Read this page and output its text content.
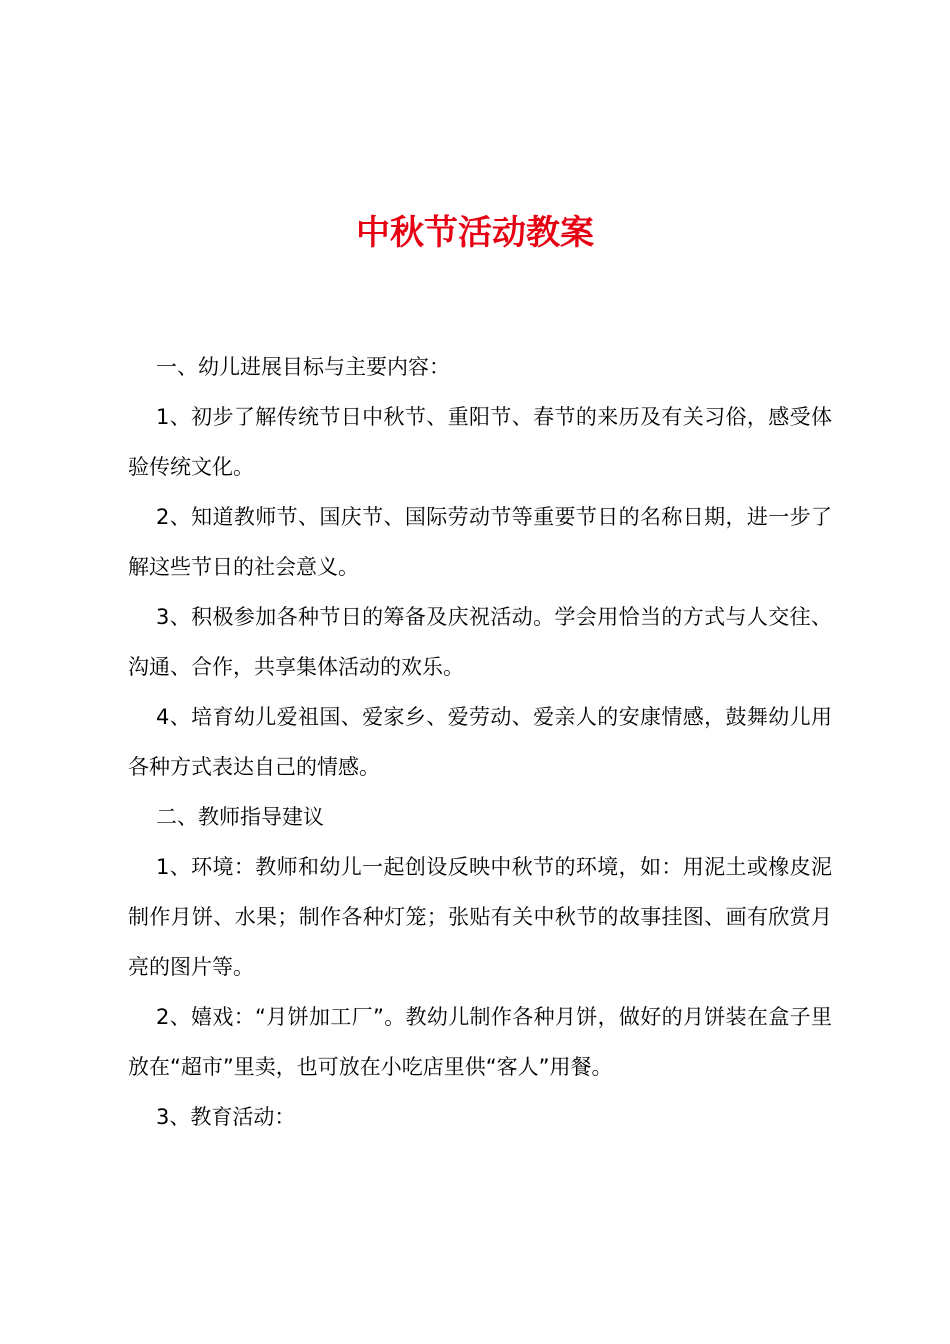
中秋节活动教案

一、幼儿进展目标与主要内容：

1、初步了解传统节日中秋节、重阳节、春节的来历及有关习俗，感受体验传统文化。

2、知道教师节、国庆节、国际劳动节等重要节日的名称日期，进一步了解这些节日的社会意义。

3、积极参加各种节日的筹备及庆祝活动。学会用恰当的方式与人交往、沟通、合作，共享集体活动的欢乐。

4、培育幼儿爱祖国、爱家乡、爱劳动、爱亲人的安康情感，鼓舞幼儿用各种方式表达自己的情感。

二、教师指导建议

1、环境：教师和幼儿一起创设反映中秋节的环境，如：用泥土或橡皮泥制作月饼、水果；制作各种灯笼；张贴有关中秋节的故事挂图、画有欣赏月亮的图片等。

2、嬉戏：“月饼加工厂”。教幼儿制作各种月饼，做好的月饼装在盒子里放在“超市”里卖，也可放在小吃店里供“客人”用餐。

3、教育活动：
